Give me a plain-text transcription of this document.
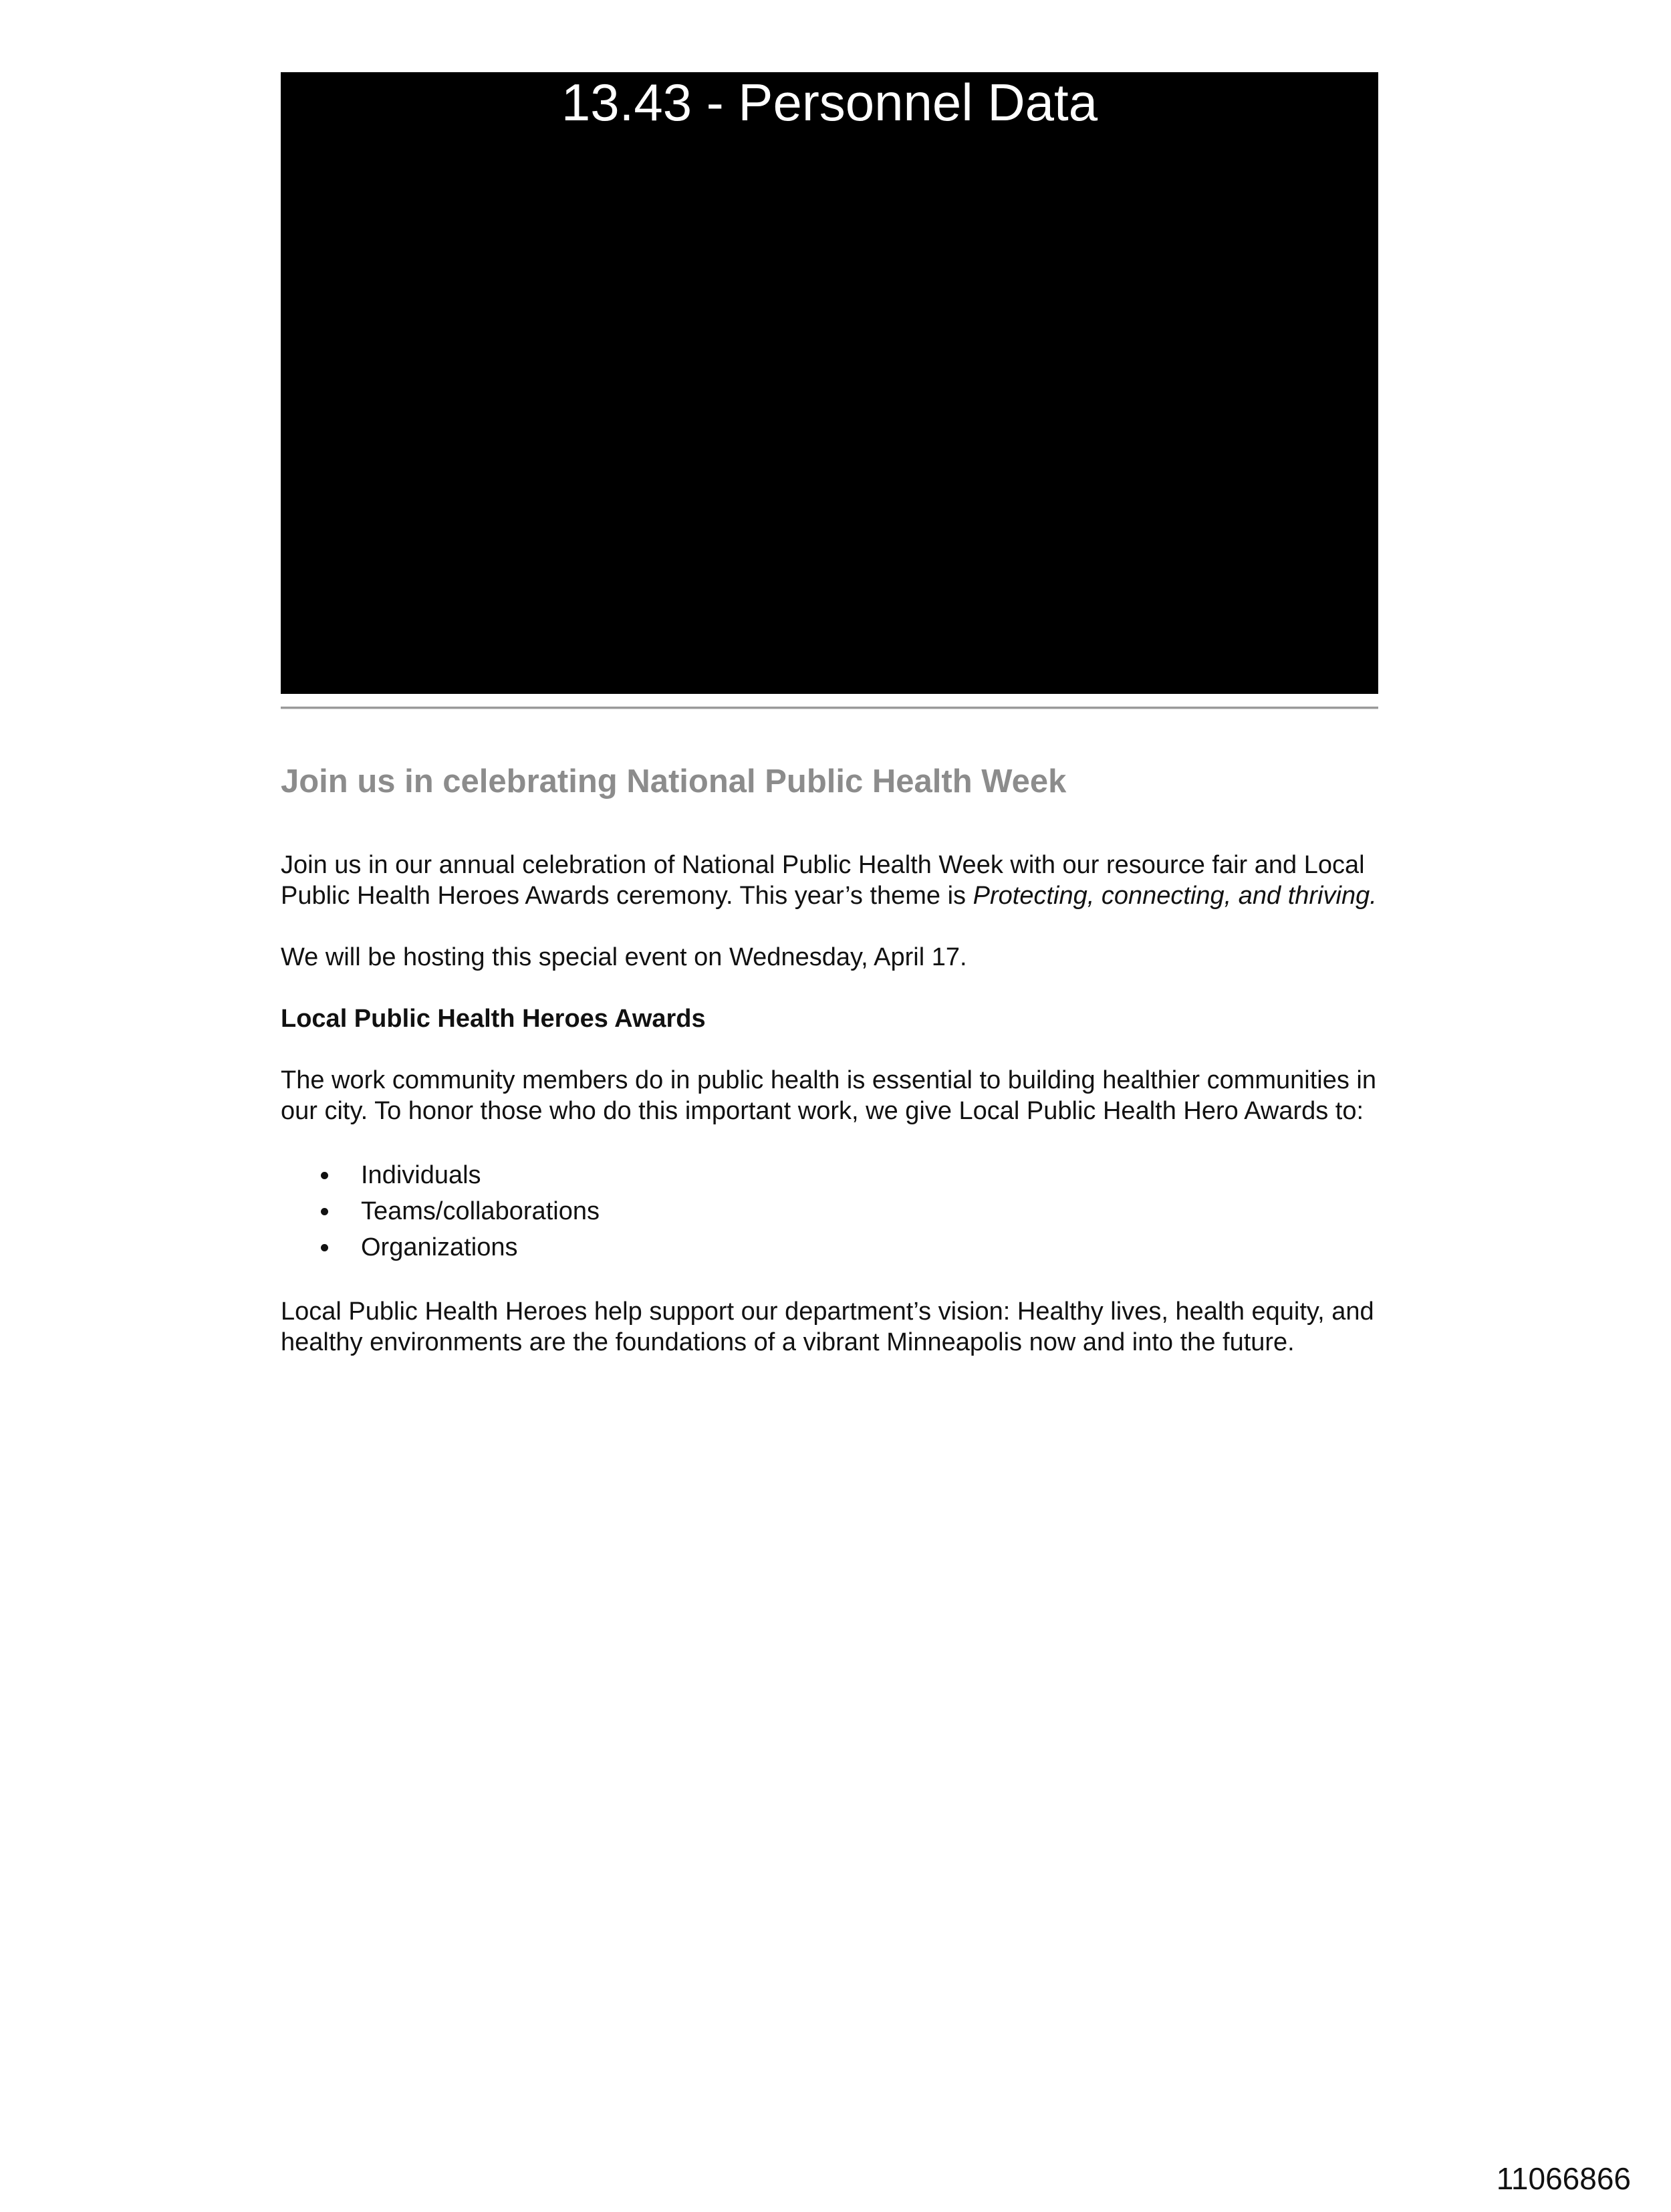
13.43 - Personnel Data
Join us in celebrating National Public Health Week

Join us in our annual celebration of National Public Health Week with our resource fair and Local Public Health Heroes Awards ceremony. This year’s theme is Protecting, connecting, and thriving.

We will be hosting this special event on Wednesday, April 17.

Local Public Health Heroes Awards

The work community members do in public health is essential to building healthier communities in our city. To honor those who do this important work, we give Local Public Health Hero Awards to:

Individuals
Teams/collaborations
Organizations

Local Public Health Heroes help support our department’s vision: Healthy lives, health equity, and healthy environments are the foundations of a vibrant Minneapolis now and into the future.

11066866
